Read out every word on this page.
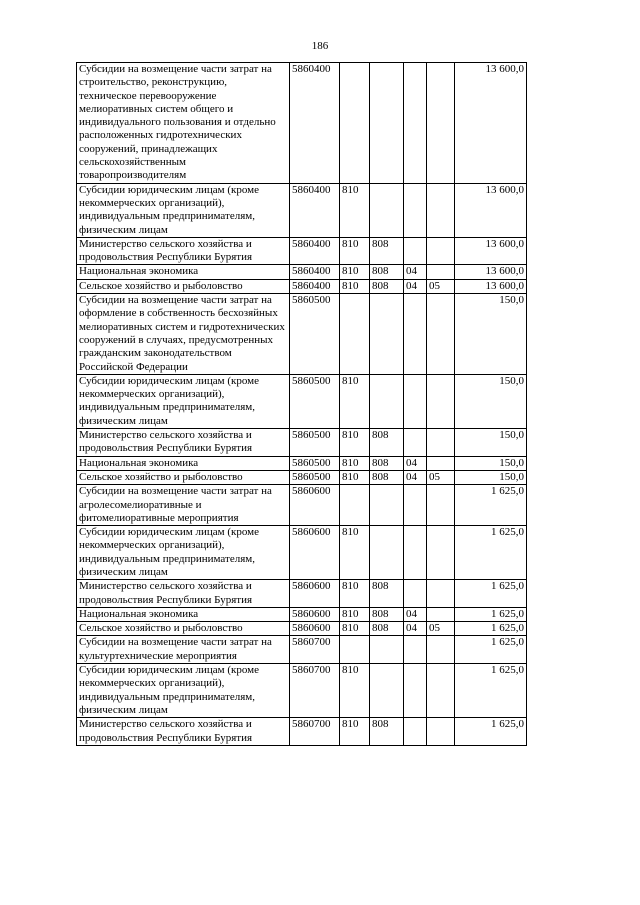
186
Субсидии на возмещение части затрат на строительство, реконструкцию, техническое перевооружение мелиоративных систем общего и индивидуального пользования и отдельно расположенных гидротехнических сооружений, принадлежащих сельскохозяйственным товаропроизводителям	5860400					13 600,0
Субсидии юридическим лицам (кроме некоммерческих организаций), индивидуальным предпринимателям, физическим лицам	5860400	810				13 600,0
Министерство сельского хозяйства и продовольствия Республики Бурятия	5860400	810	808			13 600,0
Национальная экономика	5860400	810	808	04		13 600,0
Сельское хозяйство и рыболовство	5860400	810	808	04	05	13 600,0
Субсидии на возмещение части затрат на оформление в собственность бесхозяйных мелиоративных систем и гидротехнических сооружений в случаях, предусмотренных гражданским законодательством Российской Федерации	5860500					150,0
Субсидии юридическим лицам (кроме некоммерческих организаций), индивидуальным предпринимателям, физическим лицам	5860500	810				150,0
Министерство сельского хозяйства и продовольствия Республики Бурятия	5860500	810	808			150,0
Национальная экономика	5860500	810	808	04		150,0
Сельское хозяйство и рыболовство	5860500	810	808	04	05	150,0
Субсидии на возмещение части затрат на агролесомелиоративные и фитомелиоративные мероприятия	5860600					1 625,0
Субсидии юридическим лицам (кроме некоммерческих организаций), индивидуальным предпринимателям, физическим лицам	5860600	810				1 625,0
Министерство сельского хозяйства и продовольствия Республики Бурятия	5860600	810	808			1 625,0
Национальная экономика	5860600	810	808	04		1 625,0
Сельское хозяйство и рыболовство	5860600	810	808	04	05	1 625,0
Субсидии на возмещение части затрат на культуртехнические мероприятия	5860700					1 625,0
Субсидии юридическим лицам (кроме некоммерческих организаций), индивидуальным предпринимателям, физическим лицам	5860700	810				1 625,0
Министерство сельского хозяйства и продовольствия Республики Бурятия	5860700	810	808			1 625,0
